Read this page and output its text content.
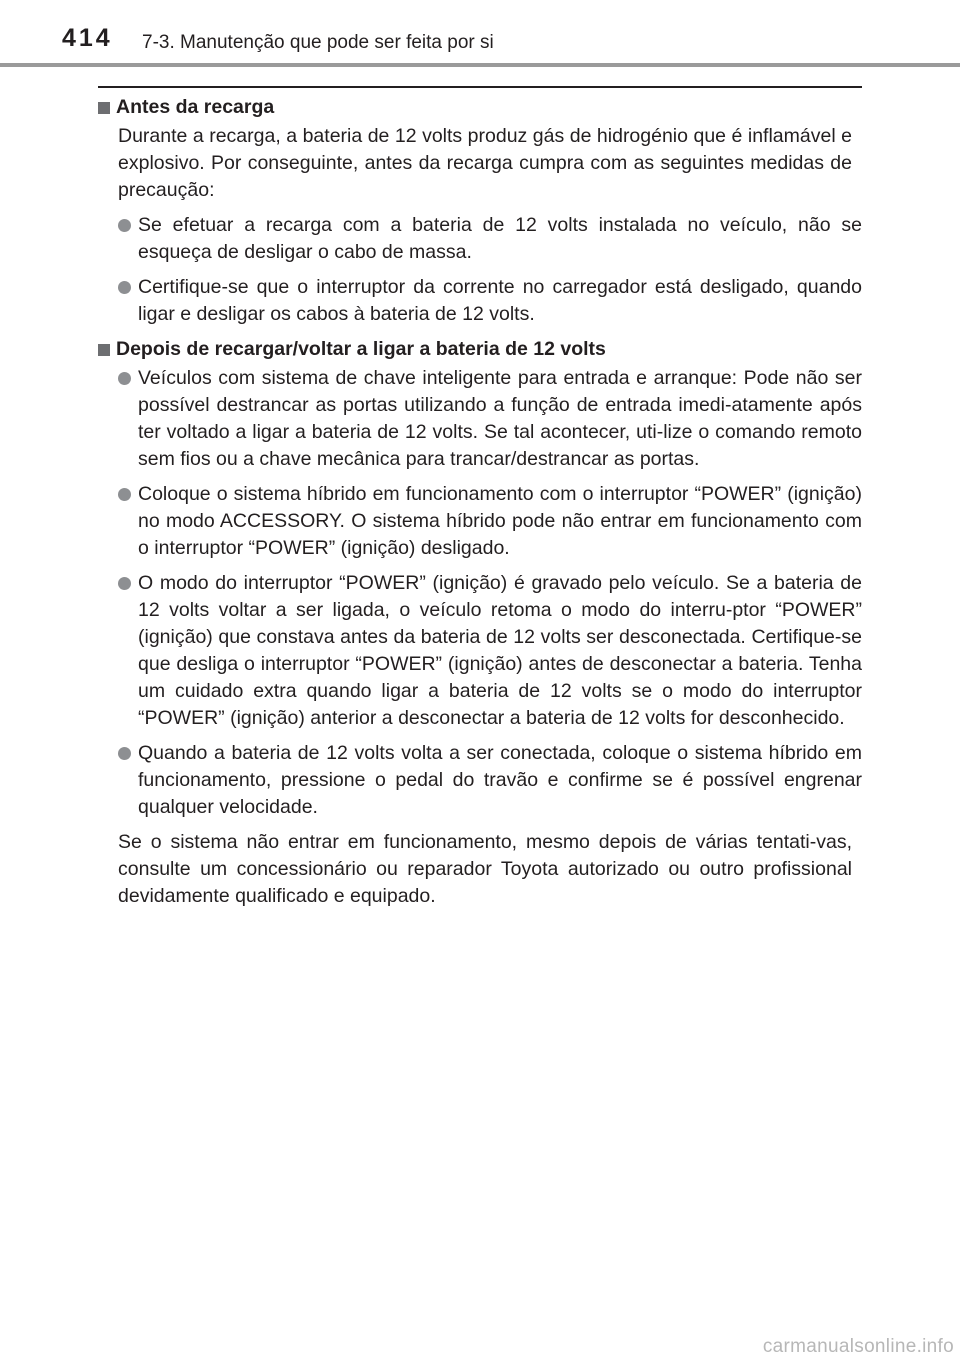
414 7-3. Manutenção que pode ser feita por si
Antes da recarga

Durante a recarga, a bateria de 12 volts produz gás de hidrogénio que é inflamável e explosivo. Por conseguinte, antes da recarga cumpra com as seguintes medidas de precaução:

Se efetuar a recarga com a bateria de 12 volts instalada no veículo, não se esqueça de desligar o cabo de massa.
Certifique-se que o interruptor da corrente no carregador está desligado, quando ligar e desligar os cabos à bateria de 12 volts.
Depois de recargar/voltar a ligar a bateria de 12 volts
Veículos com sistema de chave inteligente para entrada e arranque: Pode não ser possível destrancar as portas utilizando a função de entrada imedi-atamente após ter voltado a ligar a bateria de 12 volts. Se tal acontecer, uti-lize o comando remoto sem fios ou a chave mecânica para trancar/destrancar as portas.
Coloque o sistema híbrido em funcionamento com o interruptor “POWER” (ignição) no modo ACCESSORY. O sistema híbrido pode não entrar em funcionamento com o interruptor “POWER” (ignição) desligado.
O modo do interruptor “POWER” (ignição) é gravado pelo veículo. Se a bateria de 12 volts voltar a ser ligada, o veículo retoma o modo do interru-ptor “POWER” (ignição) que constava antes da bateria de 12 volts ser desconectada. Certifique-se que desliga o interruptor “POWER” (ignição) antes de desconectar a bateria. Tenha um cuidado extra quando ligar a bateria de 12 volts se o modo do interruptor “POWER” (ignição) anterior a desconectar a bateria de 12 volts for desconhecido.
Quando a bateria de 12 volts volta a ser conectada, coloque o sistema híbrido em funcionamento, pressione o pedal do travão e confirme se é possível engrenar qualquer velocidade.

Se o sistema não entrar em funcionamento, mesmo depois de várias tentati-vas, consulte um concessionário ou reparador Toyota autorizado ou outro profissional devidamente qualificado e equipado.

carmanualsonline.info
